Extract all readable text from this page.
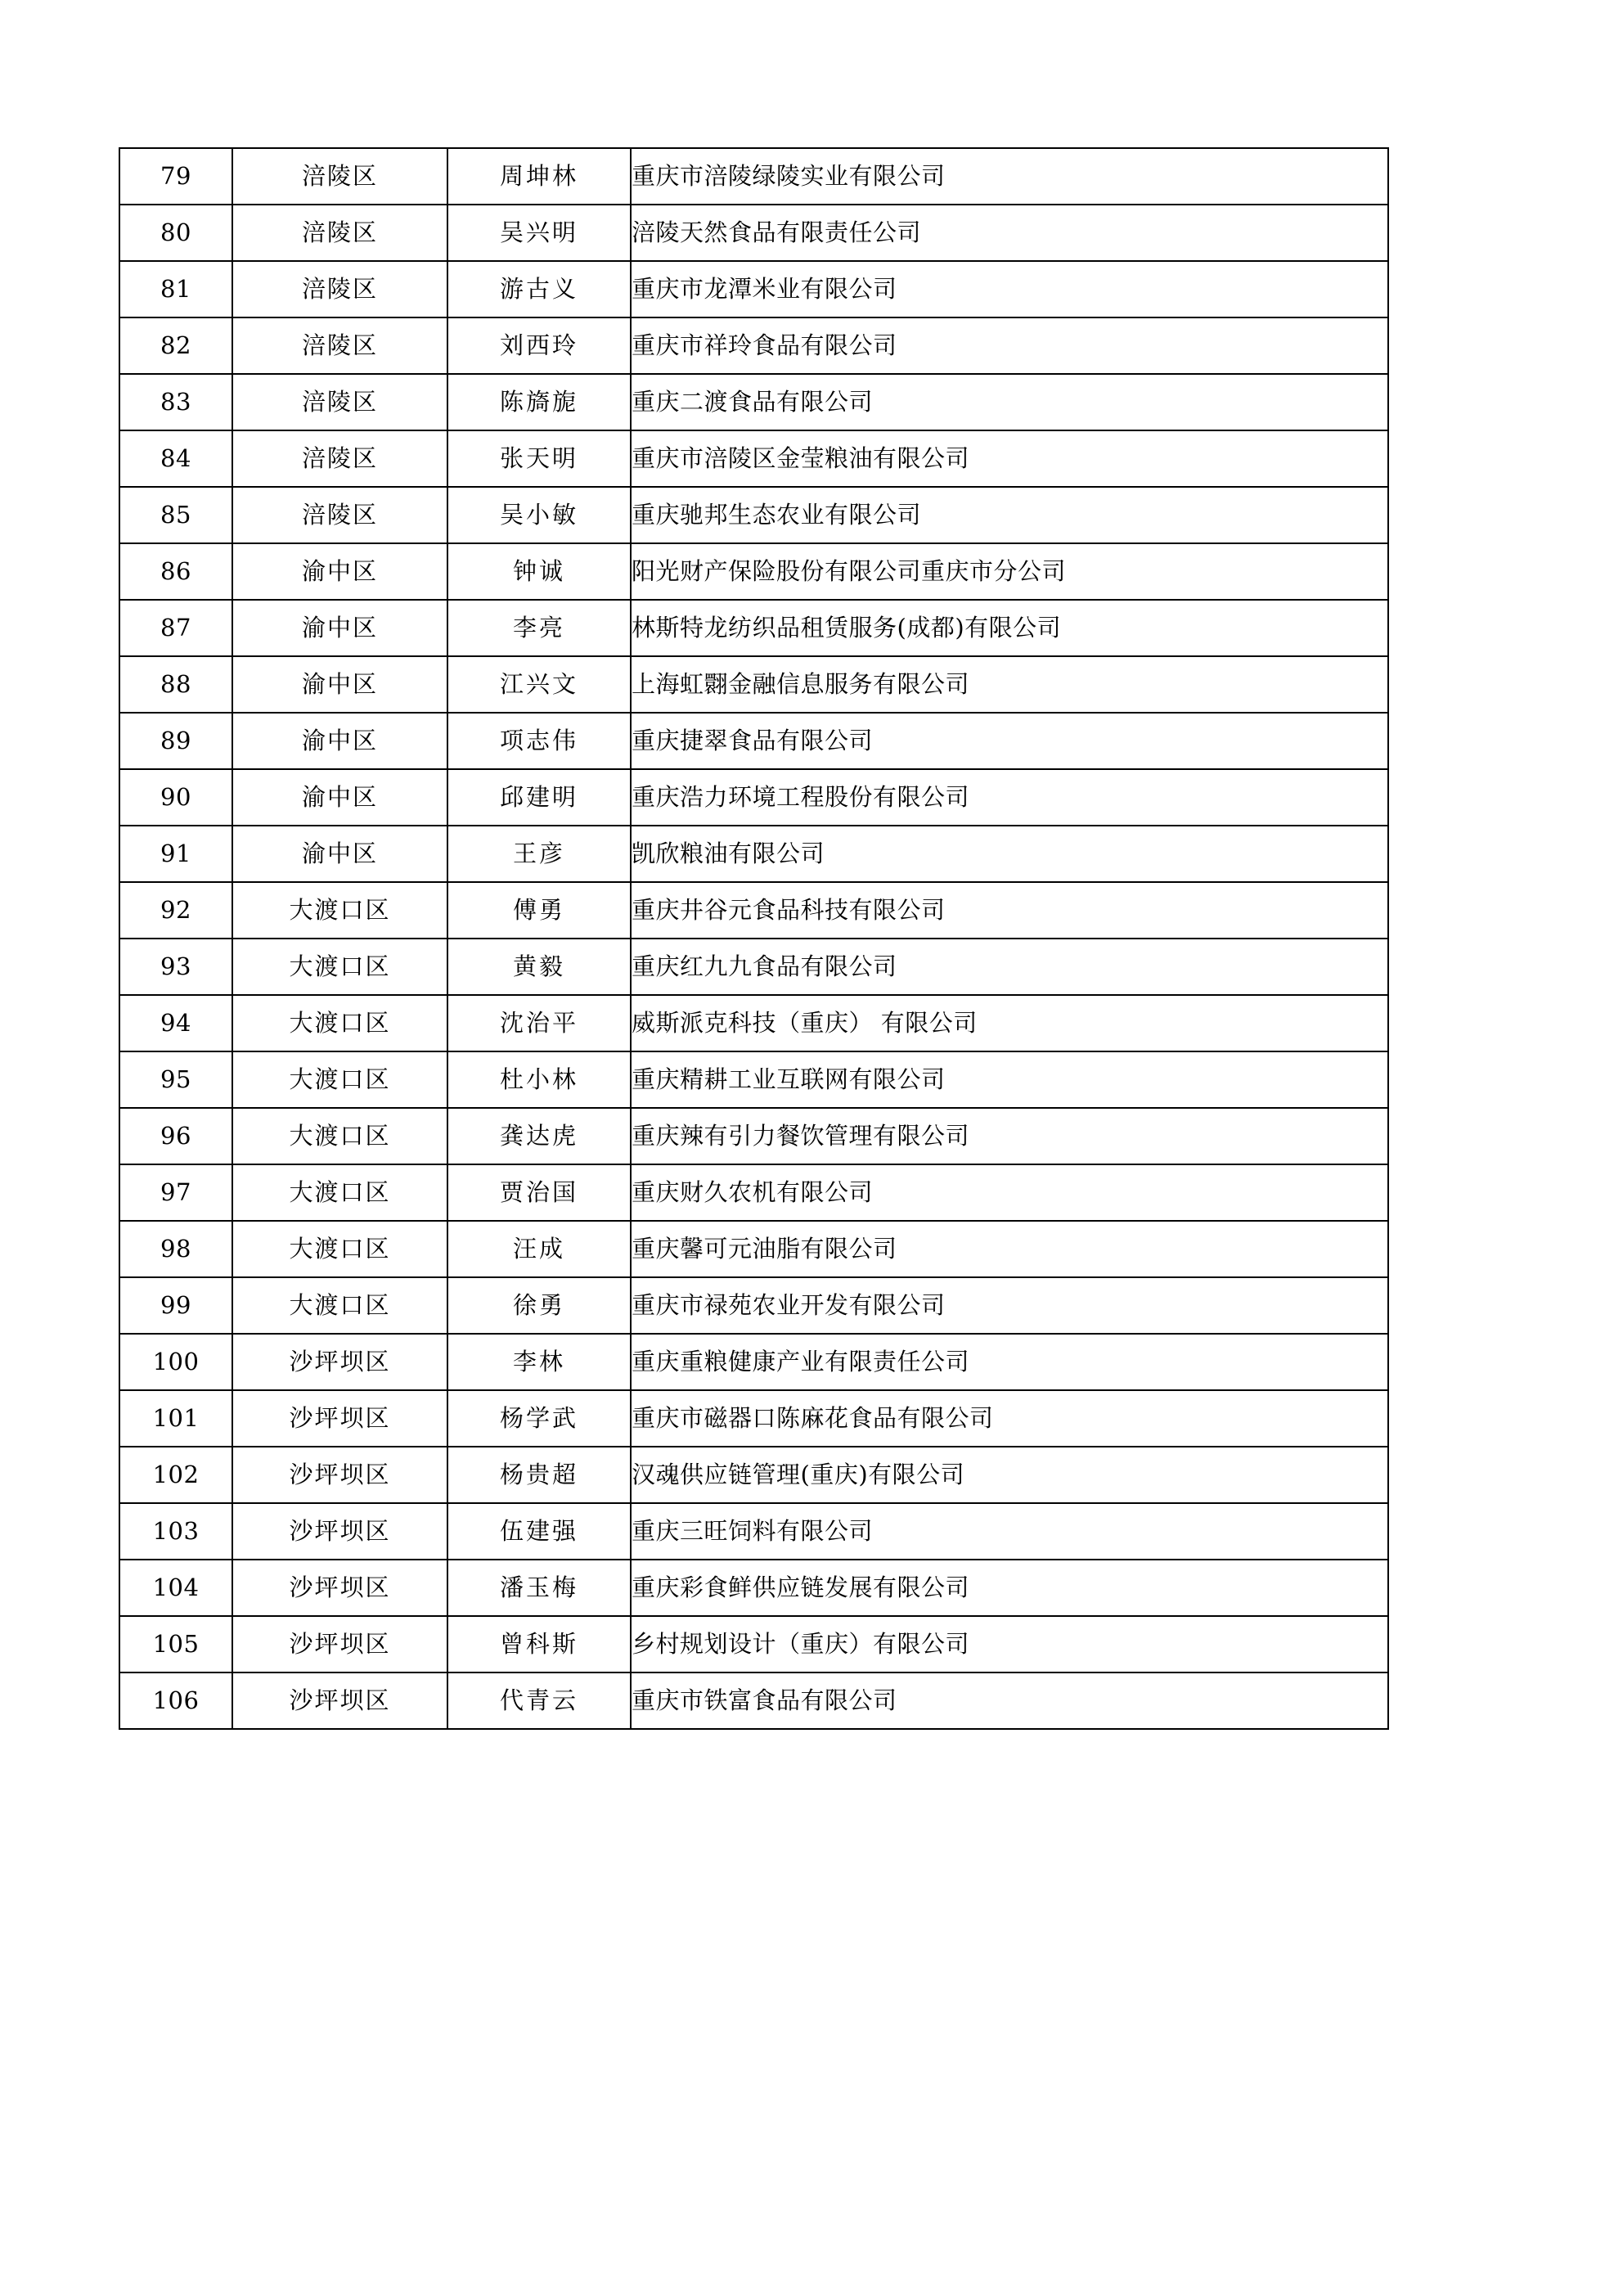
79	涪陵区	周坤林	重庆市涪陵绿陵实业有限公司
80	涪陵区	吴兴明	涪陵天然食品有限责任公司
81	涪陵区	游古义	重庆市龙潭米业有限公司
82	涪陵区	刘西玲	重庆市祥玲食品有限公司
83	涪陵区	陈旖旎	重庆二渡食品有限公司
84	涪陵区	张天明	重庆市涪陵区金莹粮油有限公司
85	涪陵区	吴小敏	重庆驰邦生态农业有限公司
86	渝中区	钟诚	阳光财产保险股份有限公司重庆市分公司
87	渝中区	李亮	林斯特龙纺织品租赁服务(成都)有限公司
88	渝中区	江兴文	上海虹翾金融信息服务有限公司
89	渝中区	项志伟	重庆捷翠食品有限公司
90	渝中区	邱建明	重庆浩力环境工程股份有限公司
91	渝中区	王彦	凯欣粮油有限公司
92	大渡口区	傅勇	重庆井谷元食品科技有限公司
93	大渡口区	黄毅	重庆红九九食品有限公司
94	大渡口区	沈治平	威斯派克科技（重庆） 有限公司
95	大渡口区	杜小林	重庆精耕工业互联网有限公司
96	大渡口区	龚达虎	重庆辣有引力餐饮管理有限公司
97	大渡口区	贾治国	重庆财久农机有限公司
98	大渡口区	汪成	重庆馨可元油脂有限公司
99	大渡口区	徐勇	重庆市禄苑农业开发有限公司
100	沙坪坝区	李林	重庆重粮健康产业有限责任公司
101	沙坪坝区	杨学武	重庆市磁器口陈麻花食品有限公司
102	沙坪坝区	杨贵超	汉魂供应链管理(重庆)有限公司
103	沙坪坝区	伍建强	重庆三旺饲料有限公司
104	沙坪坝区	潘玉梅	重庆彩食鲜供应链发展有限公司
105	沙坪坝区	曾科斯	乡村规划设计（重庆）有限公司
106	沙坪坝区	代青云	重庆市铁富食品有限公司
